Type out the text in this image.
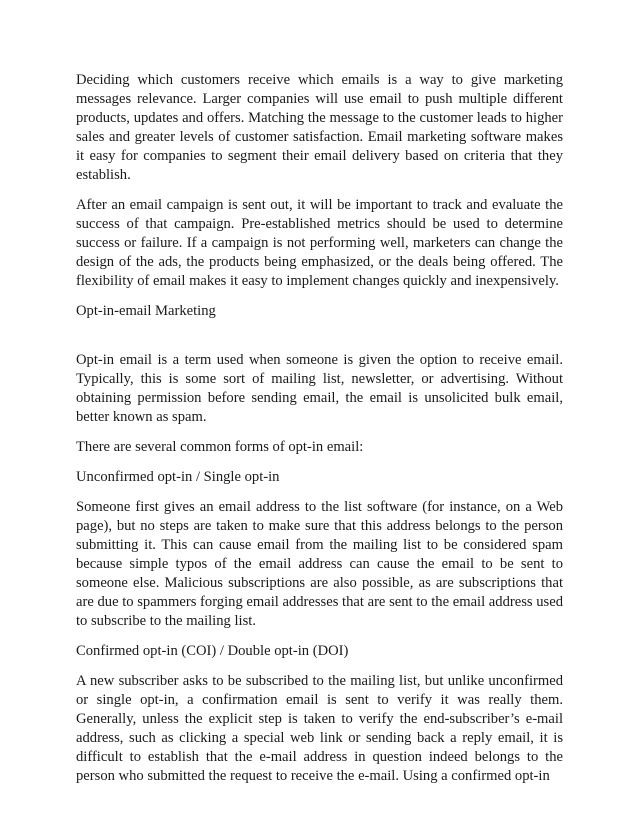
Deciding which customers receive which emails is a way to give marketing messages relevance. Larger companies will use email to push multiple different products, updates and offers. Matching the message to the customer leads to higher sales and greater levels of customer satisfaction. Email marketing software makes it easy for companies to segment their email delivery based on criteria that they establish.

After an email campaign is sent out, it will be important to track and evaluate the success of that campaign. Pre-established metrics should be used to determine success or failure. If a campaign is not performing well, marketers can change the design of the ads, the products being emphasized, or the deals being offered. The flexibility of email makes it easy to implement changes quickly and inexpensively.

Opt-in-email Marketing

Opt-in email is a term used when someone is given the option to receive email. Typically, this is some sort of mailing list, newsletter, or advertising. Without obtaining permission before sending email, the email is unsolicited bulk email, better known as spam.

There are several common forms of opt-in email:

Unconfirmed opt-in / Single opt-in

Someone first gives an email address to the list software (for instance, on a Web page), but no steps are taken to make sure that this address belongs to the person submitting it. This can cause email from the mailing list to be considered spam because simple typos of the email address can cause the email to be sent to someone else. Malicious subscriptions are also possible, as are subscriptions that are due to spammers forging email addresses that are sent to the email address used to subscribe to the mailing list.

Confirmed opt-in (COI) / Double opt-in (DOI)

A new subscriber asks to be subscribed to the mailing list, but unlike unconfirmed or single opt-in, a confirmation email is sent to verify it was really them. Generally, unless the explicit step is taken to verify the end-subscriber’s e-mail address, such as clicking a special web link or sending back a reply email, it is difficult to establish that the e-mail address in question indeed belongs to the person who submitted the request to receive the e-mail. Using a confirmed opt-in
